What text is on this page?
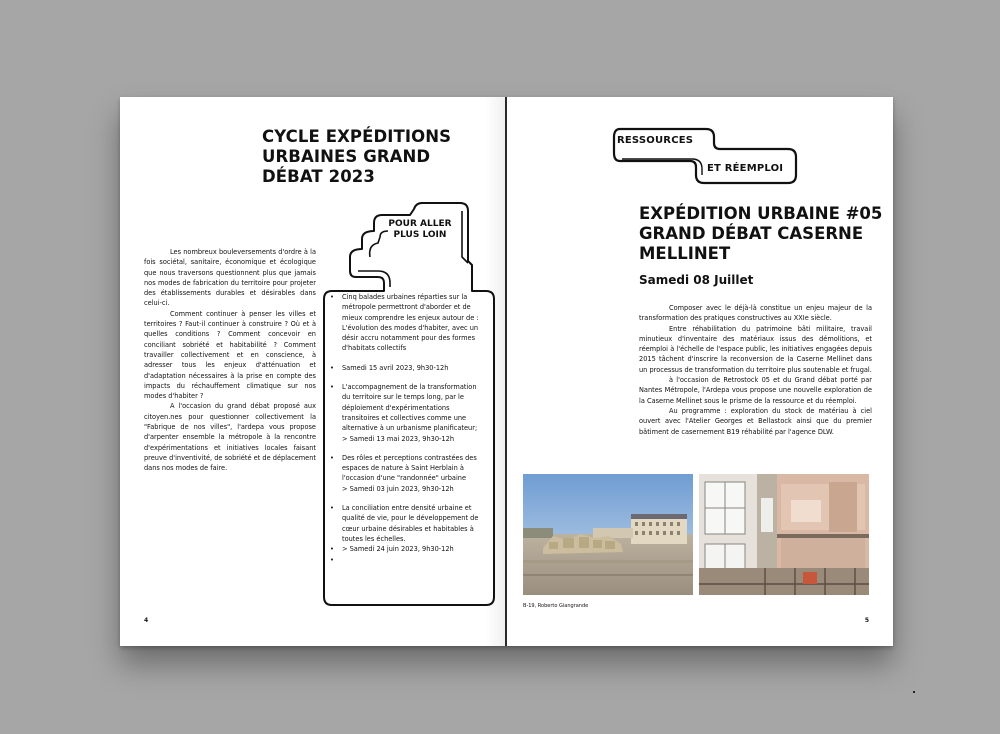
CYCLE EXPÉDITIONS
URBAINES GRAND
DÉBAT 2023

Les nombreux bouleversements d'ordre à la fois sociétal, sanitaire, économique et écologique que nous traversons questionnent plus que jamais nos modes de fabrication du territoire pour projeter des établissements durables et désirables dans celui-ci.

Comment continuer à penser les villes et territoires ? Faut-il continuer à construire ? Où et à quelles conditions ? Comment concevoir en conciliant sobriété et habitabilité ? Comment travailler collectivement et en conscience, à adresser tous les enjeux d'atténuation et d'adaptation nécessaires à la prise en compte des impacts du réchauffement climatique sur nos modes d'habiter ?

A l'occasion du grand débat proposé aux citoyen.nes pour questionner collectivement la "Fabrique de nos villes", l'ardepa vous propose d'arpenter ensemble la métropole à la rencontre d'expérimentations et initiatives locales faisant preuve d'inventivité, de sobriété et de déplacement dans nos modes de faire.

POUR ALLER
PLUS LOIN
• Cinq balades urbaines réparties sur la métropole permettront d'aborder et de mieux comprendre les enjeux autour de : L'évolution des modes d'habiter, avec un désir accru notamment pour des formes d'habitats collectifs
• Samedi 15 avril 2023, 9h30-12h
• L'accompagnement de la transformation du territoire sur le temps long, par le déploiement d'expérimentations transitoires et collectives comme une alternative à un urbanisme planificateur;
> Samedi 13 mai 2023, 9h30-12h
• Des rôles et perceptions contrastées des espaces de nature à Saint Herblain à l'occasion d'une "randonnée" urbaine
> Samedi 03 juin 2023, 9h30-12h
• La conciliation entre densité urbaine et qualité de vie, pour le développement de cœur urbaine désirables et habitables à toutes les échelles.
• > Samedi 24 juin 2023, 9h30-12h
•
4
RESSOURCES
ET RÉEMPLOI
EXPÉDITION URBAINE #05
GRAND DÉBAT CASERNE
MELLINET
Samedi 08 Juillet

Composer avec le déjà-là constitue un enjeu majeur de la transformation des pratiques constructives au XXIe siècle.

Entre réhabilitation du patrimoine bâti militaire, travail minutieux d'inventaire des matériaux issus des démolitions, et réemploi à l'échelle de l'espace public, les initiatives engagées depuis 2015 tâchent d'inscrire la reconversion de la Caserne Mellinet dans un processus de transformation du territoire plus soutenable et frugal.

à l'occasion de Retrostock 05 et du Grand débat porté par Nantes Métropole, l'Ardepa vous propose une nouvelle exploration de la Caserne Mellinet sous le prisme de la ressource et du réemploi.

Au programme : exploration du stock de matériau à ciel ouvert avec l'Atelier Georges et Bellastock ainsi que du premier bâtiment de casernement B19 réhabilité par l'agence DLW.

B-19, Roberto Giangrande
5
